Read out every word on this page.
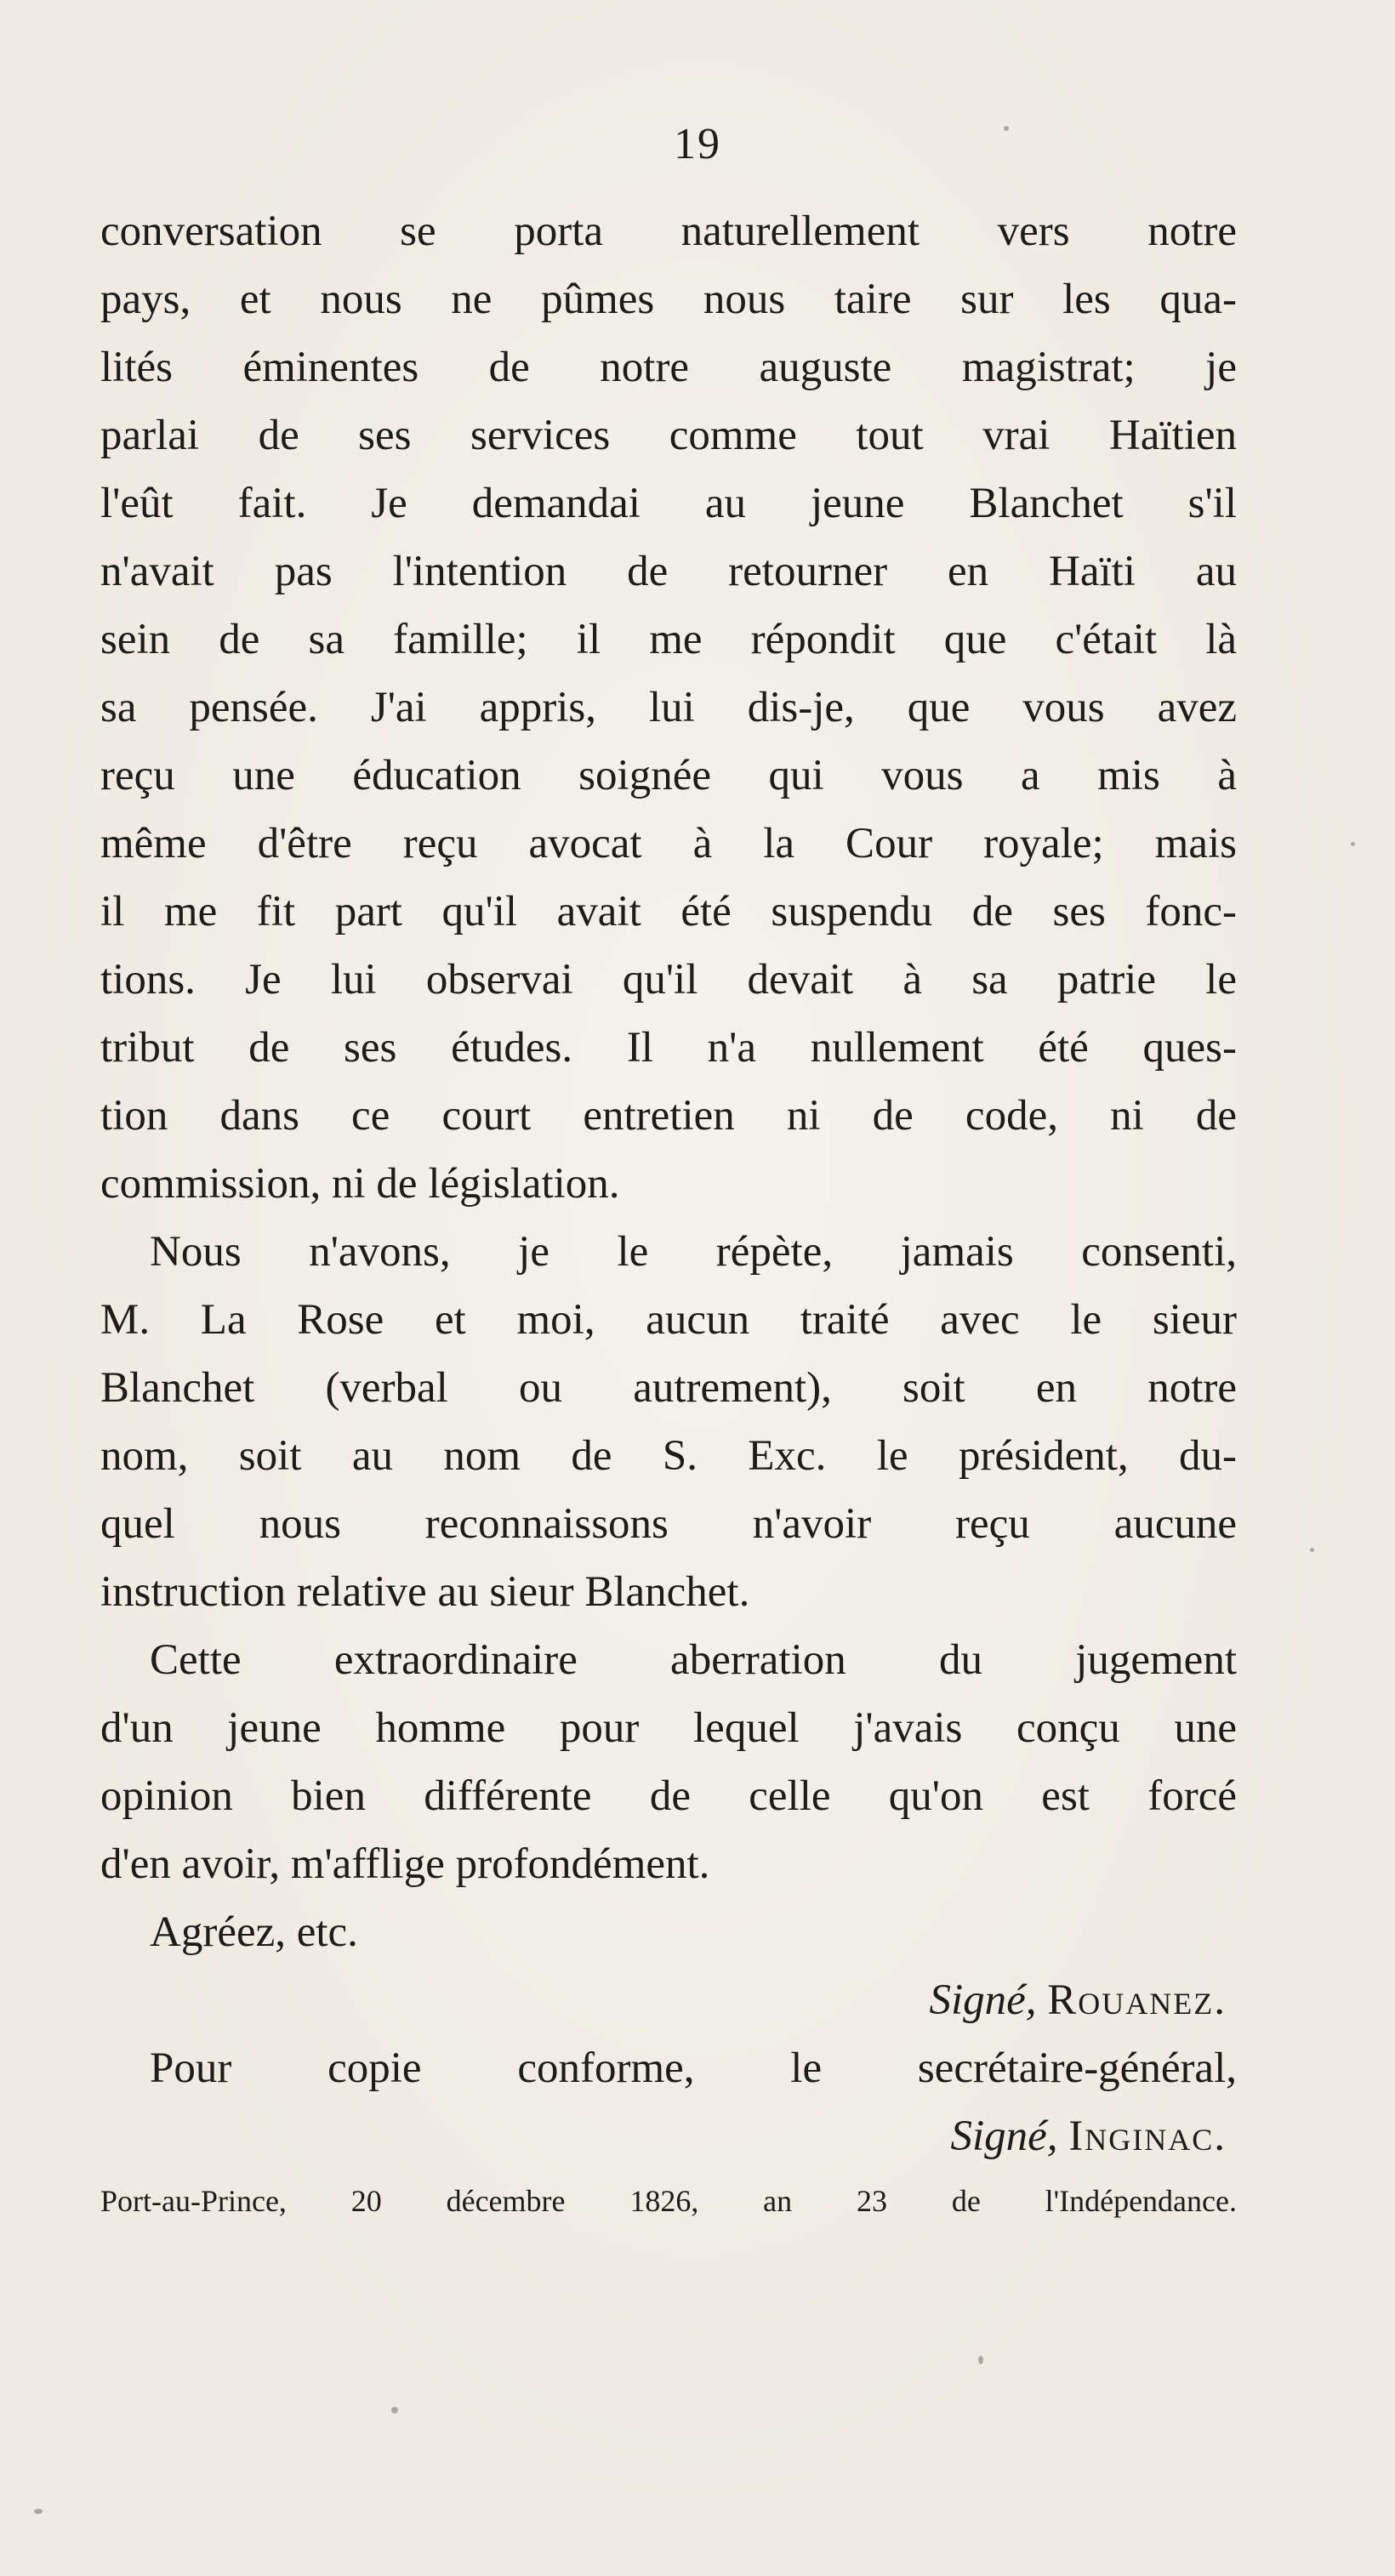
19
conversation se porta naturellement vers notre
pays, et nous ne pûmes nous taire sur les qua-
lités éminentes de notre auguste magistrat; je
parlai de ses services comme tout vrai Haïtien
l'eût fait. Je demandai au jeune Blanchet s'il
n'avait pas l'intention de retourner en Haïti au
sein de sa famille; il me répondit que c'était là
sa pensée. J'ai appris, lui dis-je, que vous avez
reçu une éducation soignée qui vous a mis à
même d'être reçu avocat à la Cour royale; mais
il me fit part qu'il avait été suspendu de ses fonc-
tions. Je lui observai qu'il devait à sa patrie le
tribut de ses études. Il n'a nullement été ques-
tion dans ce court entretien ni de code, ni de
commission, ni de législation.
Nous n'avons, je le répète, jamais consenti,
M. La Rose et moi, aucun traité avec le sieur
Blanchet (verbal ou autrement), soit en notre
nom, soit au nom de S. Exc. le président, du-
quel nous reconnaissons n'avoir reçu aucune
instruction relative au sieur Blanchet.
Cette extraordinaire aberration du jugement
d'un jeune homme pour lequel j'avais conçu une
opinion bien différente de celle qu'on est forcé
d'en avoir, m'afflige profondément.
Agréez, etc.
Signé, Rouanez.
Pour copie conforme, le secrétaire-général,
Signé, Inginac.
Port-au-Prince, 20 décembre 1826, an 23 de l'Indépendance.
